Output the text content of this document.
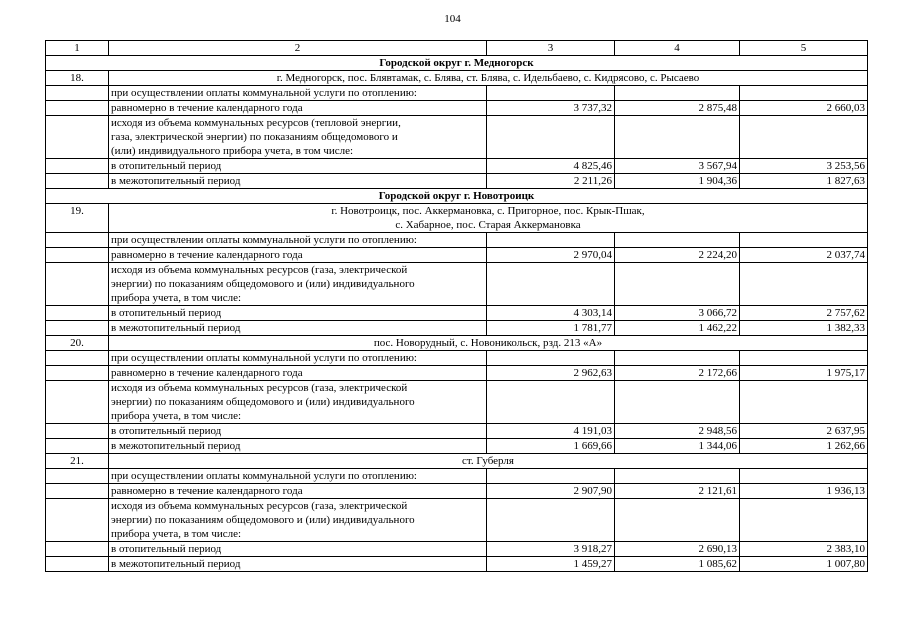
104
1	2	3	4	5
Городской округ г. Медногорск				
18.	г. Медногорск, пос. Блявтамак, с. Блява, ст. Блява, с. Идельбаево, с. Кидрясово, с. Рысаево			

	при осуществлении оплаты коммунальной услуги по отоплению:			
	равномерно в течение календарного года	3 737,32	2 875,48	2 660,03

	исходя из объема коммунальных ресурсов (тепловой энергии,
газа, электрической энергии) по показаниям общедомового и
(или) индивидуального прибора учета, в том числе:			

	в отопительный период	4 825,46	3 567,94	3 253,56
	в межотопительный период	2 211,26	1 904,36	1 827,63
Городской округ г. Новотроицк				
19.	г. Новотроицк, пос. Аккермановка, с. Пригорное, пос. Крык-Пшак,
с. Хабарное, пос. Старая Аккермановка			

	при осуществлении оплаты коммунальной услуги по отоплению:			
	равномерно в течение календарного года	2 970,04	2 224,20	2 037,74

	исходя из объема коммунальных ресурсов (газа, электрической
энергии) по показаниям общедомового и (или) индивидуального
прибора учета, в том числе:			

	в отопительный период	4 303,14	3 066,72	2 757,62
	в межотопительный период	1 781,77	1 462,22	1 382,33
20.	пос. Новорудный, с. Новоникольск, рзд. 213 «А»			

	при осуществлении оплаты коммунальной услуги по отоплению:			
	равномерно в течение календарного года	2 962,63	2 172,66	1 975,17

	исходя из объема коммунальных ресурсов (газа, электрической
энергии) по показаниям общедомового и (или) индивидуального
прибора учета, в том числе:			

	в отопительный период	4 191,03	2 948,56	2 637,95
	в межотопительный период	1 669,66	1 344,06	1 262,66
21.	ст. Губерля			

	при осуществлении оплаты коммунальной услуги по отоплению:			
	равномерно в течение календарного года	2 907,90	2 121,61	1 936,13

	исходя из объема коммунальных ресурсов (газа, электрической
энергии) по показаниям общедомового и (или) индивидуального
прибора учета, в том числе:			

	в отопительный период	3 918,27	2 690,13	2 383,10
	в межотопительный период	1 459,27	1 085,62	1 007,80
